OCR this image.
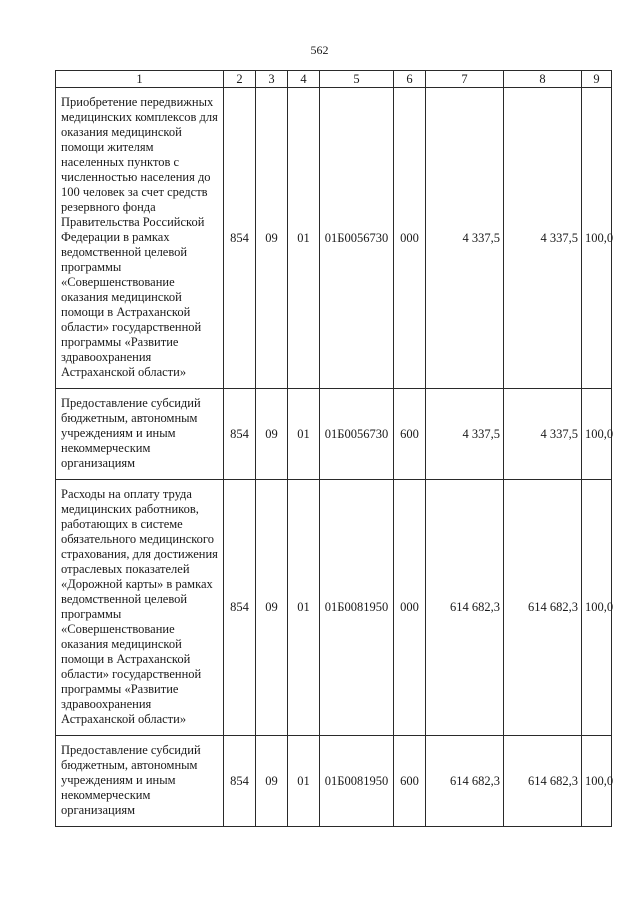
562
1	2	3	4	5	6	7	8	9
Приобретение передвижных медицинских комплексов для оказания медицинской помощи жителям населенных пунктов с численностью населения до 100 человек за счет средств резервного фонда Правительства Российской Федерации в рамках ведомственной целевой программы «Совершенствование оказания медицинской помощи в Астраханской области» государственной программы «Развитие здравоохранения Астраханской области»	854	09	01	01Б0056730	000	4 337,5	4 337,5	100,0
Предоставление субсидий бюджетным, автономным учреждениям и иным некоммерческим организациям	854	09	01	01Б0056730	600	4 337,5	4 337,5	100,0
Расходы на оплату труда медицинских работников, работающих в системе обязательного медицинского страхования, для достижения отраслевых показателей «Дорожной карты» в рамках ведомственной целевой программы «Совершенствование оказания медицинской помощи в Астраханской области» государственной программы «Развитие здравоохранения Астраханской области»	854	09	01	01Б0081950	000	614 682,3	614 682,3	100,0
Предоставление субсидий бюджетным, автономным учреждениям и иным некоммерческим организациям	854	09	01	01Б0081950	600	614 682,3	614 682,3	100,0
